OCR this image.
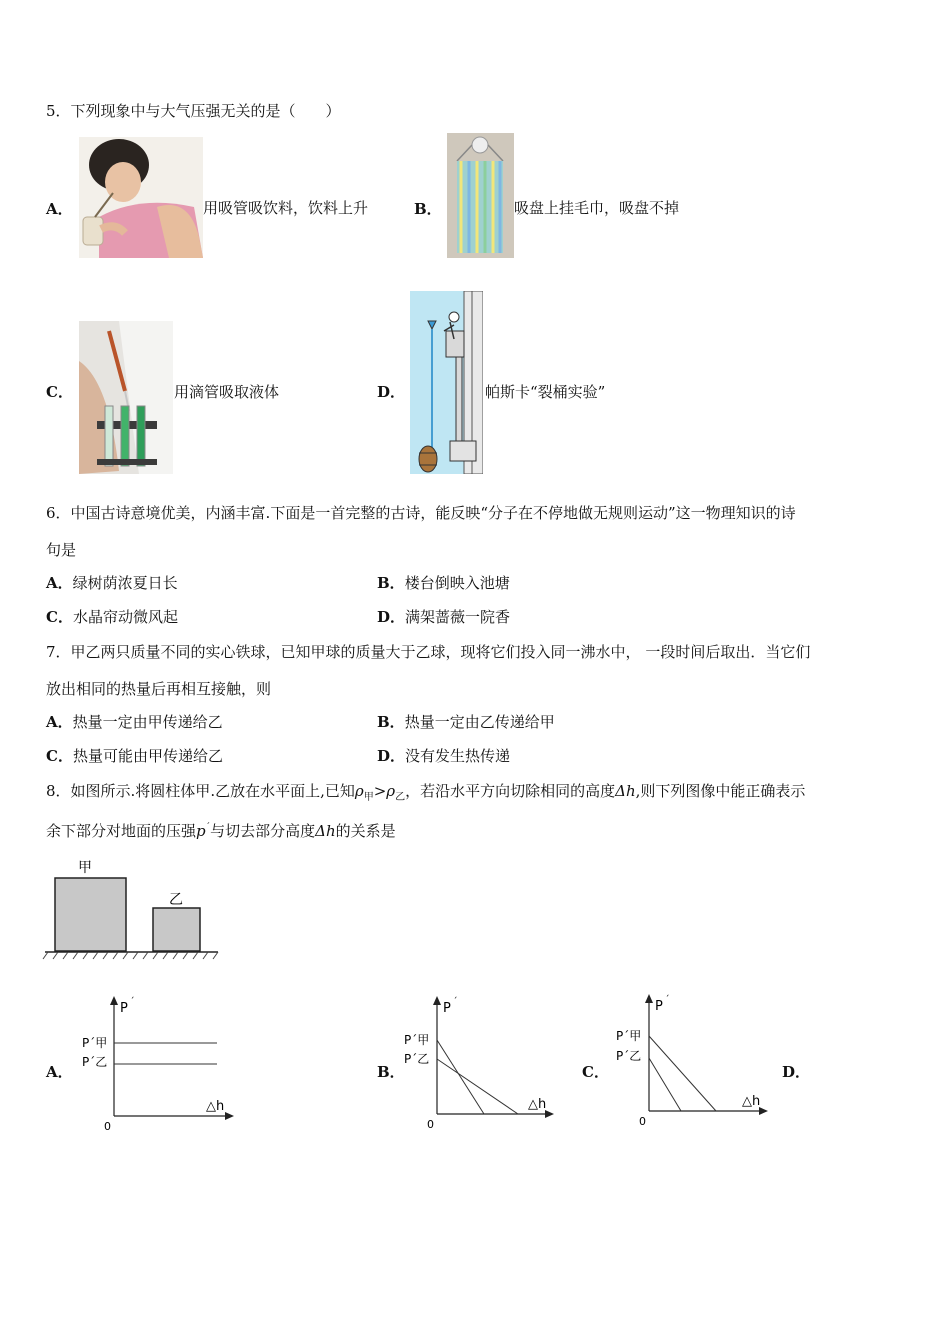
5．下列现象中与大气压强无关的是（　　）
A．	用吸管吸饮料，饮料上升	B．	吸盘上挂毛巾，吸盘不掉
C．	用滴管吸取液体	D．	帕斯卡“裂桶实验”
6．中国古诗意境优美，内涵丰富.下面是一首完整的古诗，能反映“分子在不停地做无规则运动”这一物理知识的诗
句是
A．绿树荫浓夏日长	B．楼台倒映入池塘
C．水晶帘动微风起	D．满架蔷薇一院香
7．甲乙两只质量不同的实心铁球，已知甲球的质量大于乙球，现将它们投入同一沸水中， 一段时间后取出．当它们
放出相同的热量后再相互接触，则
A．热量一定由甲传递给乙	B．热量一定由乙传递给甲
C．热量可能由甲传递给乙	D．没有发生热传递
8．如图所示.将圆柱体甲.乙放在水平面上,已知$\rho_甲>\rho_乙$，若沿水平方向切除相同的高度Δh,则下列图像中能正确表示
余下部分对地面的压强$p^ˊ$与切去部分高度Δh的关系是
甲
乙
A．
P ˊ
Pˊ甲
Pˊ乙
△h
0
B．
P ˊ
Pˊ甲
Pˊ乙
△h
0
C．
P ˊ
Pˊ甲
Pˊ乙
△h
0
D．
